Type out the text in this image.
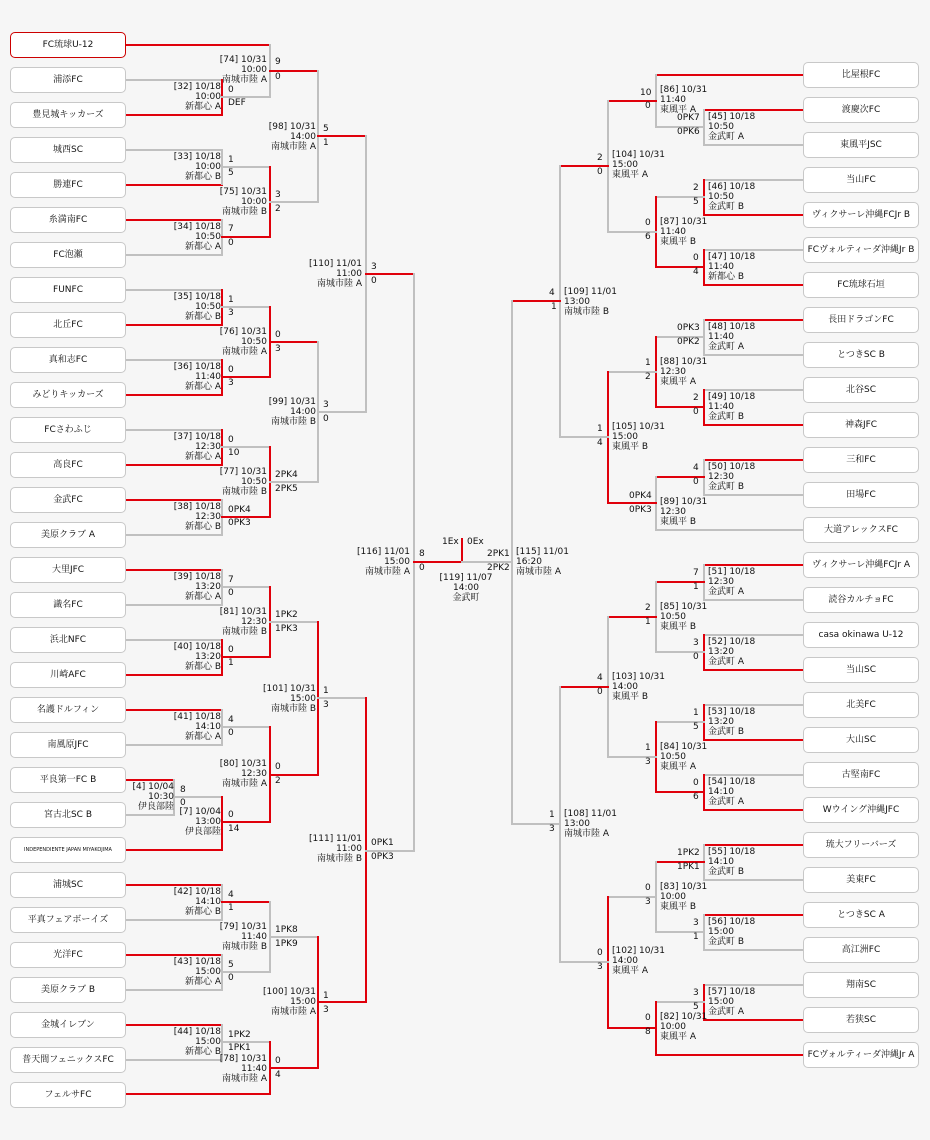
FC琉球U-12
浦添FC
豊見城キッカーズ
城西SC
勝連FC
糸満南FC
FC泡瀬
FUNFC
北丘FC
真和志FC
みどりキッカーズ
FCさわふじ
高良FC
金武FC
美原クラブ A
大里JFC
識名FC
浜北NFC
川崎AFC
名護ドルフィン
南風原JFC
平良第一FC B
宮古北SC B
INDEPENDIENTE JAPAN MIYAKOJIMA
浦城SC
平真フェアボーイズ
光洋FC
美原クラブ B
金城イレブン
普天間フェニックスFC
フェルサFC
比屋根FC
渡慶次FC
東風平JSC
当山FC
ヴィクサーレ沖縄FCJr B
FCヴォルティーダ沖縄Jr B
FC琉球石垣
長田ドラゴンFC
とつきSC B
北谷SC
神森JFC
三和FC
田場FC
大道アレックスFC
ヴィクサーレ沖縄FCJr A
読谷カルチョFC
casa okinawa U-12
当山SC
北美FC
大山SC
古堅南FC
Wウイング沖縄JFC
琉大フリーバーズ
美東FC
とつきSC A
高江洲FC
翔南SC
若狭SC
FCヴォルティーダ沖縄Jr A
[74] 10/31
10:00
南城市陸 A
[32] 10/18
10:00
新都心 A
[98] 10/31
14:00
南城市陸 A
[33] 10/18
10:00
新都心 B
[75] 10/31
10:00
南城市陸 B
[34] 10/18
10:50
新都心 A
[110] 11/01
11:00
南城市陸 A
[35] 10/18
10:50
新都心 B
[76] 10/31
10:50
南城市陸 A
[36] 10/18
11:40
新都心 A
[99] 10/31
14:00
南城市陸 B
[37] 10/18
12:30
新都心 A
[77] 10/31
10:50
南城市陸 B
[38] 10/18
12:30
新都心 B
[116] 11/01
15:00
南城市陸 A
[39] 10/18
13:20
新都心 A
[81] 10/31
12:30
南城市陸 B
[40] 10/18
13:20
新都心 B
[101] 10/31
15:00
南城市陸 B
[41] 10/18
14:10
新都心 A
[80] 10/31
12:30
南城市陸 A
[4] 10/04
10:30
伊良部陸 [7] 10/04
13:00
伊良部陸
[111] 11/01
11:00
南城市陸 B
[42] 10/18
14:10
新都心 B
[79] 10/31
11:40
南城市陸 B
[43] 10/18
15:00
新都心 A
[100] 10/31
15:00
南城市陸 A
[44] 10/18
15:00
新都心 B
[78] 10/31
11:40
南城市陸 A
[86] 10/31
11:40
東風平 A
[45] 10/18
10:50
金武町 A
[104] 10/31
15:00
東風平 A
[46] 10/18
10:50
金武町 B
[87] 10/31
11:40
東風平 B
[47] 10/18
11:40
新都心 B
[109] 11/01
13:00
南城市陸 B
[48] 10/18
11:40
金武町 A
[88] 10/31
12:30
東風平 A
[49] 10/18
11:40
金武町 B
[105] 10/31
15:00
東風平 B
[50] 10/18
12:30
金武町 B
[89] 10/31
12:30
東風平 B
[115] 11/01
16:20
南城市陸 A	[51] 10/18
12:30
金武町 A
[85] 10/31
10:50
東風平 B
[52] 10/18
13:20
金武町 A
[103] 10/31
14:00
東風平 B
[53] 10/18
13:20
金武町 B
[84] 10/31
10:50
東風平 A
[54] 10/18
14:10
金武町 A
[108] 11/01
13:00
南城市陸 A
[55] 10/18
14:10
金武町 B
[83] 10/31
10:00
東風平 B
[56] 10/18
15:00
金武町 B
[102] 10/31
14:00
東風平 A
[57] 10/18
15:00
金武町 A
[82] 10/31
10:00
東風平 A
[119] 11/07
14:00
金武町
1Ex 0Ex
9
0
0
DEF
5
1
1
5
3
2
7
0
3
0
1
3
0
3
0
3
3
0
0
10
2PK4
2PK5
0PK4
0PK3
8
0
7
0
1PK2
1PK3
0
1
1
3
4
0
8
0
0
2
0
14
0PK1
0PK3
4
1
1PK8
1PK9
5
0
1
3
1PK2
1PK1
0
4
10
0
0PK7
0PK6
2
0
2
5
0
6
0
4
4
1
0PK3
0PK2
1
2
2
0
1
4
4
0
0PK4
0PK3
2PK1
2PK2	7
1
2
1
3
0
4
0
1
5
1
3
0
6
1
3
1PK2
1PK1
0
3
3
1
0
3
3
5
0
8
